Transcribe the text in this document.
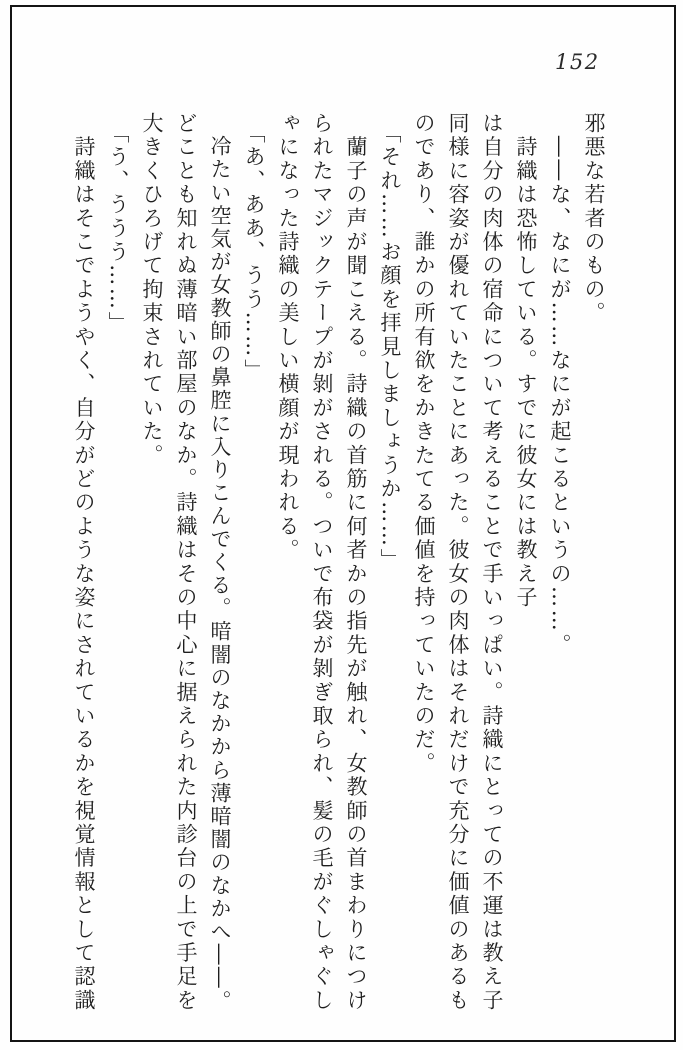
152

邪悪な若者のもの。

　――な、なにが……なにが起こるというの……。

　詩織は恐怖している。すでに彼女には教え子

は自分の肉体の宿命について考えることで手いっぱい。詩織にとっての不運は教え子

同様に容姿が優れていたことにあった。彼女の肉体はそれだけで充分に価値のあるも

のであり、誰かの所有欲をかきたてる価値を持っていたのだ。

「それ……お顔を拝見しましょうか……」

　蘭子の声が聞こえる。詩織の首筋に何者かの指先が触れ、女教師の首まわりにつけ

られたマジックテープが剝がされる。ついで布袋が剝ぎ取られ、髪の毛がぐしゃぐし

ゃになった詩織の美しい横顔が現われる。

「あ、ああ、うう……」

　冷たい空気が女教師の鼻腔に入りこんでくる。暗闇のなかから薄暗闇のなかへ――。

どことも知れぬ薄暗い部屋のなか。詩織はその中心に据えられた内診台の上で手足を

大きくひろげて拘束されていた。

「う、ううう……」

　詩織はそこでようやく、自分がどのような姿にされているかを視覚情報として認識
